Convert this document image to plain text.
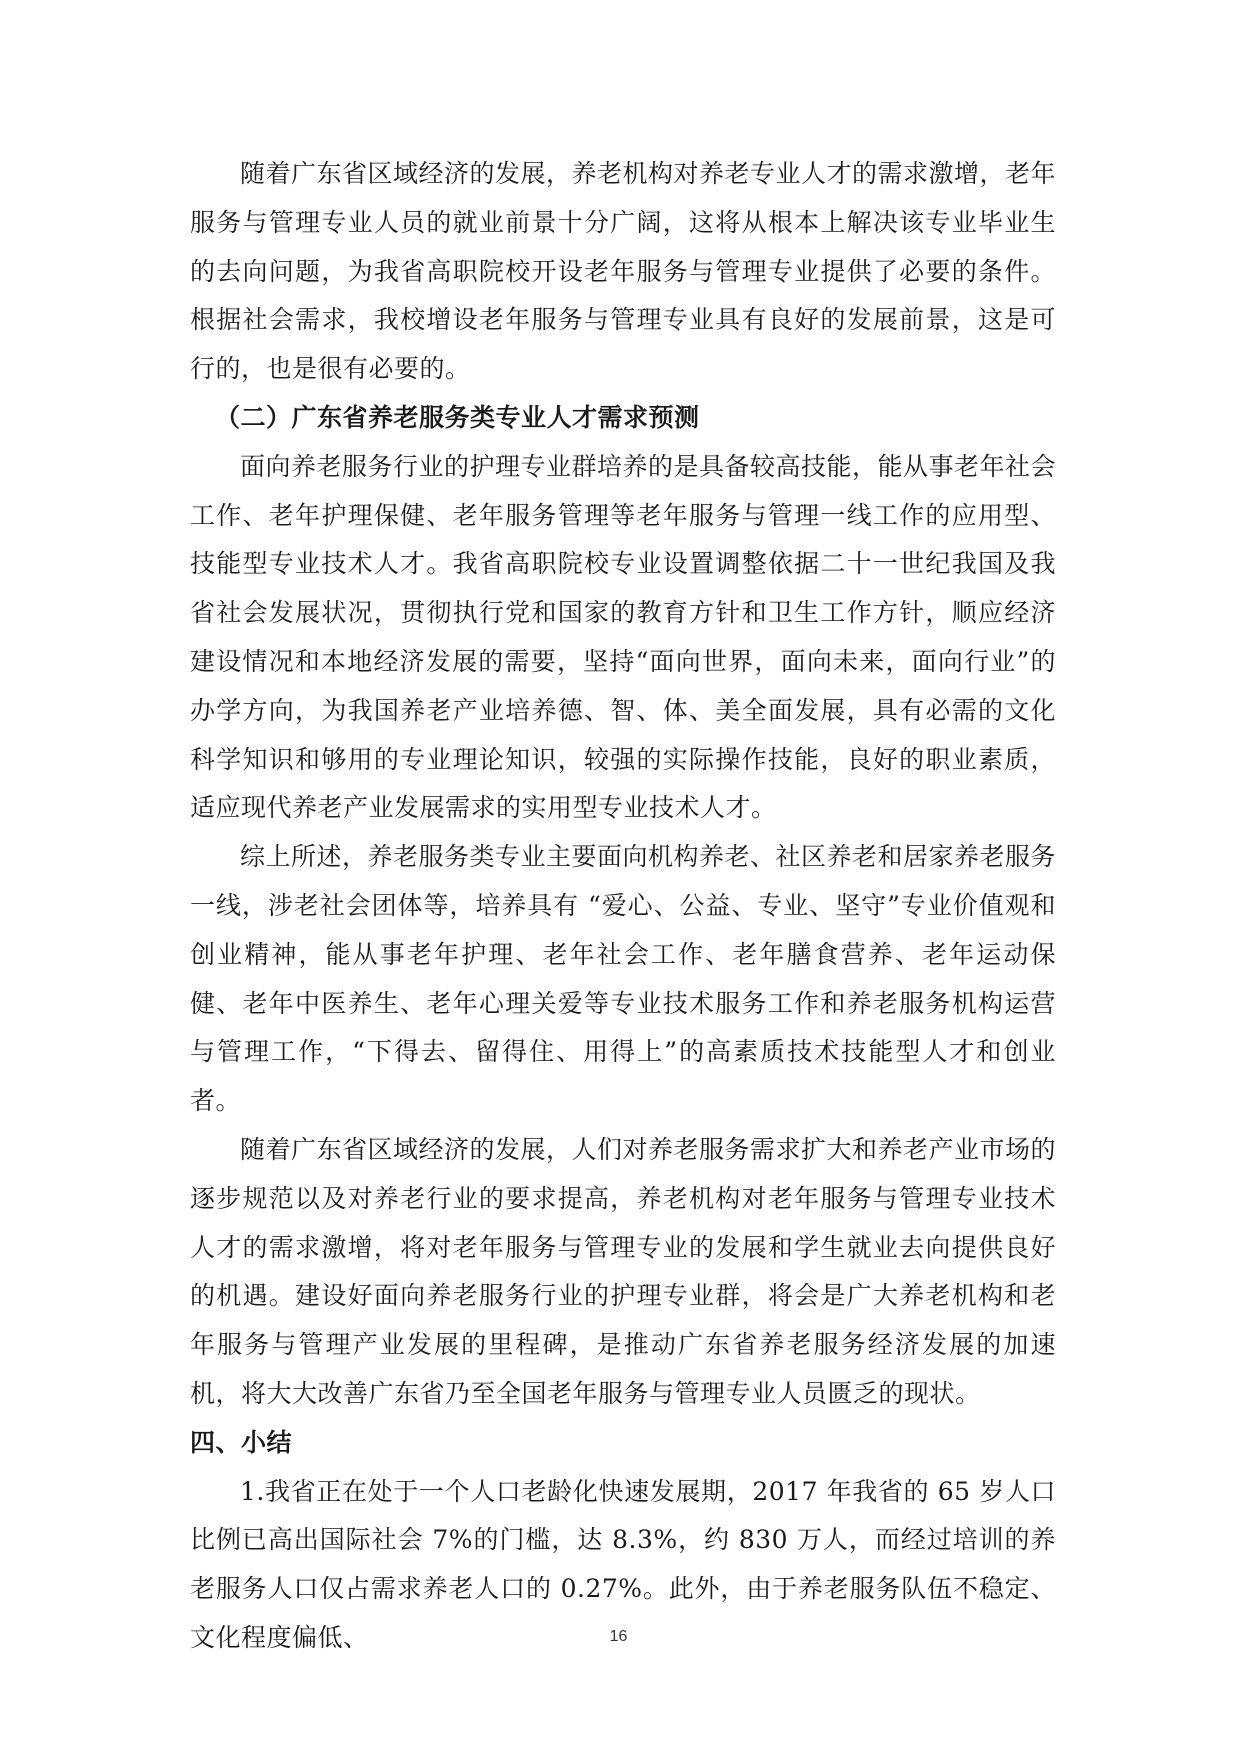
随着广东省区域经济的发展，养老机构对养老专业人才的需求激增，老年服务与管理专业人员的就业前景十分广阔，这将从根本上解决该专业毕业生的去向问题，为我省高职院校开设老年服务与管理专业提供了必要的条件。根据社会需求，我校增设老年服务与管理专业具有良好的发展前景，这是可行的，也是很有必要的。

（二）广东省养老服务类专业人才需求预测

面向养老服务行业的护理专业群培养的是具备较高技能，能从事老年社会工作、老年护理保健、老年服务管理等老年服务与管理一线工作的应用型、技能型专业技术人才。我省高职院校专业设置调整依据二十一世纪我国及我省社会发展状况，贯彻执行党和国家的教育方针和卫生工作方针，顺应经济建设情况和本地经济发展的需要，坚持“面向世界，面向未来，面向行业”的办学方向，为我国养老产业培养德、智、体、美全面发展，具有必需的文化科学知识和够用的专业理论知识，较强的实际操作技能，良好的职业素质，适应现代养老产业发展需求的实用型专业技术人才。

综上所述，养老服务类专业主要面向机构养老、社区养老和居家养老服务一线，涉老社会团体等，培养具有 “爱心、公益、专业、坚守”专业价值观和创业精神，能从事老年护理、老年社会工作、老年膳食营养、老年运动保健、老年中医养生、老年心理关爱等专业技术服务工作和养老服务机构运营与管理工作，“下得去、留得住、用得上”的高素质技术技能型人才和创业者。

随着广东省区域经济的发展，人们对养老服务需求扩大和养老产业市场的逐步规范以及对养老行业的要求提高，养老机构对老年服务与管理专业技术人才的需求激增，将对老年服务与管理专业的发展和学生就业去向提供良好的机遇。建设好面向养老服务行业的护理专业群，将会是广大养老机构和老年服务与管理产业发展的里程碑，是推动广东省养老服务经济发展的加速机，将大大改善广东省乃至全国老年服务与管理专业人员匮乏的现状。

四、小结

1.我省正在处于一个人口老龄化快速发展期，2017 年我省的 65 岁人口比例已高出国际社会 7%的门槛，达 8.3%，约 830 万人，而经过培训的养老服务人口仅占需求养老人口的 0.27%。此外，由于养老服务队伍不稳定、文化程度偏低、	16
